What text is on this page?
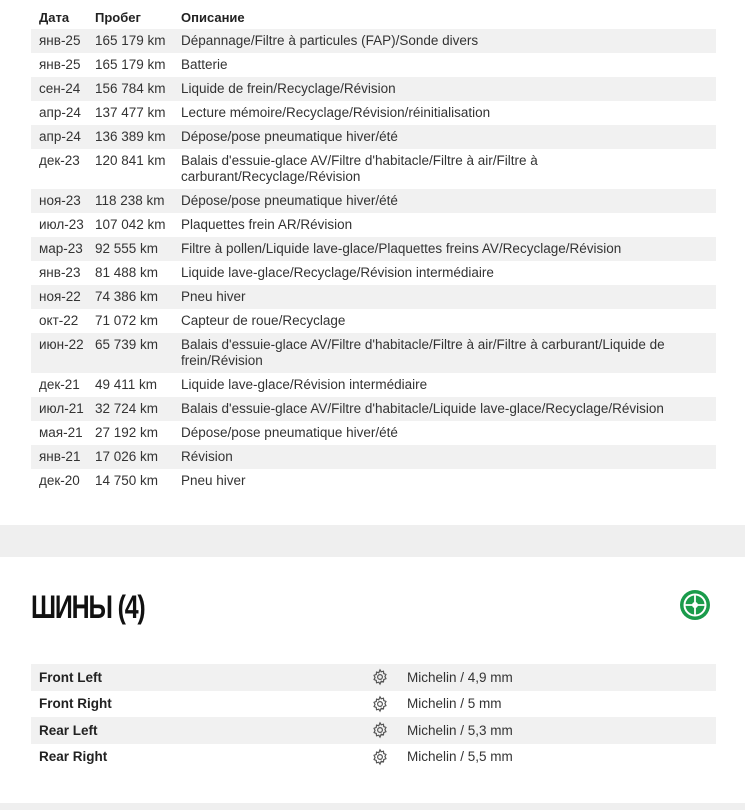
Дата	Пробег	Описание
янв-25	165 179 km	Dépannage/Filtre à particules (FAP)/Sonde divers
янв-25	165 179 km	Batterie
сен-24	156 784 km	Liquide de frein/Recyclage/Révision
апр-24	137 477 km	Lecture mémoire/Recyclage/Révision/réinitialisation
апр-24	136 389 km	Dépose/pose pneumatique hiver/été
дек-23	120 841 km	Balais d'essuie-glace AV/Filtre d'habitacle/Filtre à air/Filtre à carburant/Recyclage/Révision
ноя-23	118 238 km	Dépose/pose pneumatique hiver/été
июл-23 107 042 km	Plaquettes frein AR/Révision
мар-23 92 555 km	Filtre à pollen/Liquide lave-glace/Plaquettes freins AV/Recyclage/Révision
янв-23	81 488 km	Liquide lave-glace/Recyclage/Révision intermédiaire
ноя-22	74 386 km	Pneu hiver
окт-22	71 072 km	Capteur de roue/Recyclage
июн-22 65 739 km	Balais d'essuie-glace AV/Filtre d'habitacle/Filtre à air/Filtre à carburant/Liquide de frein/Révision
дек-21	49 411 km	Liquide lave-glace/Révision intermédiaire
июл-21 32 724 km	Balais d'essuie-glace AV/Filtre d'habitacle/Liquide lave-glace/Recyclage/Révision
мая-21 27 192 km	Dépose/pose pneumatique hiver/été
янв-21	17 026 km	Révision
дек-20	14 750 km	Pneu hiver
ШИНЫ (4)
Front Left	Michelin / 4,9 mm
Front Right	Michelin / 5 mm
Rear Left	Michelin / 5,3 mm
Rear Right	Michelin / 5,5 mm
